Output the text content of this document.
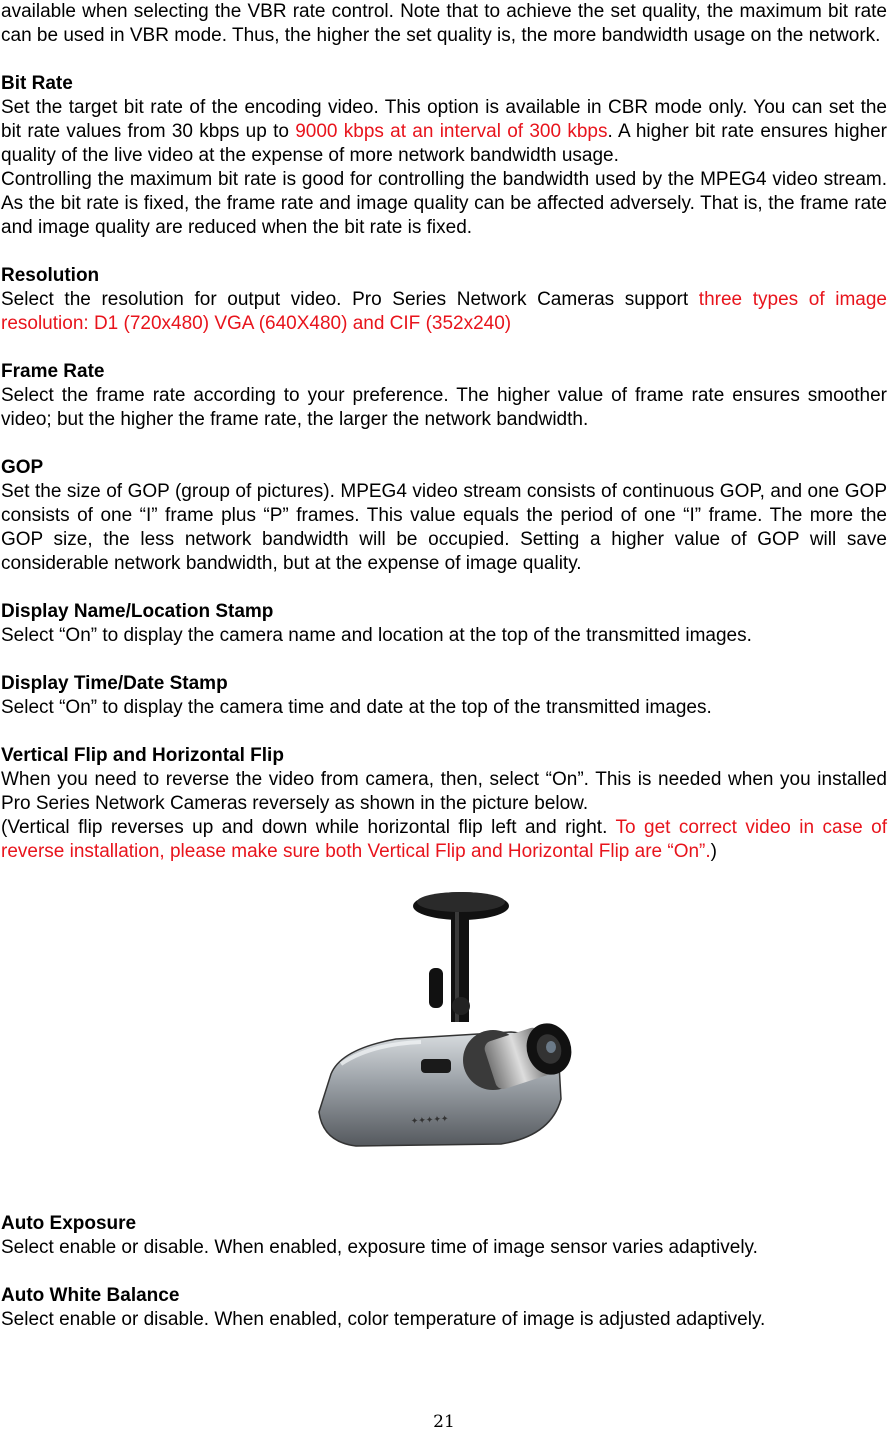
available when selecting the VBR rate control. Note that to achieve the set quality, the maximum bit rate can be used in VBR mode. Thus, the higher the set quality is, the more bandwidth usage on the network.

Bit Rate

Set the target bit rate of the encoding video. This option is available in CBR mode only. You can set the bit rate values from 30 kbps up to 9000 kbps at an interval of 300 kbps. A higher bit rate ensures higher quality of the live video at the expense of more network bandwidth usage.

Controlling the maximum bit rate is good for controlling the bandwidth used by the MPEG4 video stream. As the bit rate is fixed, the frame rate and image quality can be affected adversely. That is, the frame rate and image quality are reduced when the bit rate is fixed.

Resolution

Select the resolution for output video. Pro Series Network Cameras support three types of image resolution: D1 (720x480) VGA (640X480) and CIF (352x240)

Frame Rate

Select the frame rate according to your preference. The higher value of frame rate ensures smoother video; but the higher the frame rate, the larger the network bandwidth.

GOP

Set the size of GOP (group of pictures). MPEG4 video stream consists of continuous GOP, and one GOP consists of one “I” frame plus “P” frames. This value equals the period of one “I” frame. The more the GOP size, the less network bandwidth will be occupied. Setting a higher value of GOP will save considerable network bandwidth, but at the expense of image quality.

Display Name/Location Stamp

Select “On” to display the camera name and location at the top of the transmitted images.

Display Time/Date Stamp

Select “On” to display the camera time and date at the top of the transmitted images.

Vertical Flip and Horizontal Flip

When you need to reverse the video from camera, then, select “On”. This is needed when you installed Pro Series Network Cameras reversely as shown in the picture below.

(Vertical flip reverses up and down while horizontal flip left and right. To get correct video in case of reverse installation, please make sure both Vertical Flip and Horizontal Flip are “On”.)

✦✦✦✦✦
Auto Exposure

Select enable or disable. When enabled, exposure time of image sensor varies adaptively.

Auto White Balance

Select enable or disable. When enabled, color temperature of image is adjusted adaptively.

21
